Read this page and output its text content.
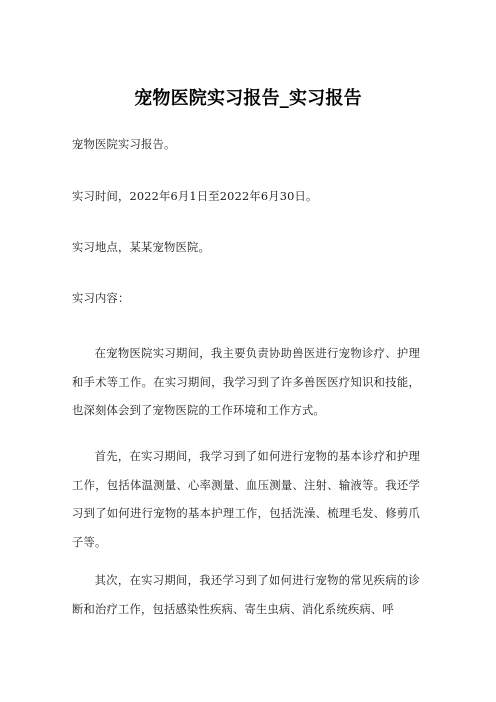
宠物医院实习报告_实习报告
宠物医院实习报告。
实习时间，2022年6月1日至2022年6月30日。
实习地点，某某宠物医院。
实习内容：
在宠物医院实习期间，我主要负责协助兽医进行宠物诊疗、护理和手术等工作。在实习期间，我学习到了许多兽医医疗知识和技能，也深刻体会到了宠物医院的工作环境和工作方式。
首先，在实习期间，我学习到了如何进行宠物的基本诊疗和护理工作，包括体温测量、心率测量、血压测量、注射、输液等。我还学习到了如何进行宠物的基本护理工作，包括洗澡、梳理毛发、修剪爪子等。
其次，在实习期间，我还学习到了如何进行宠物的常见疾病的诊断和治疗工作，包括感染性疾病、寄生虫病、消化系统疾病、呼
